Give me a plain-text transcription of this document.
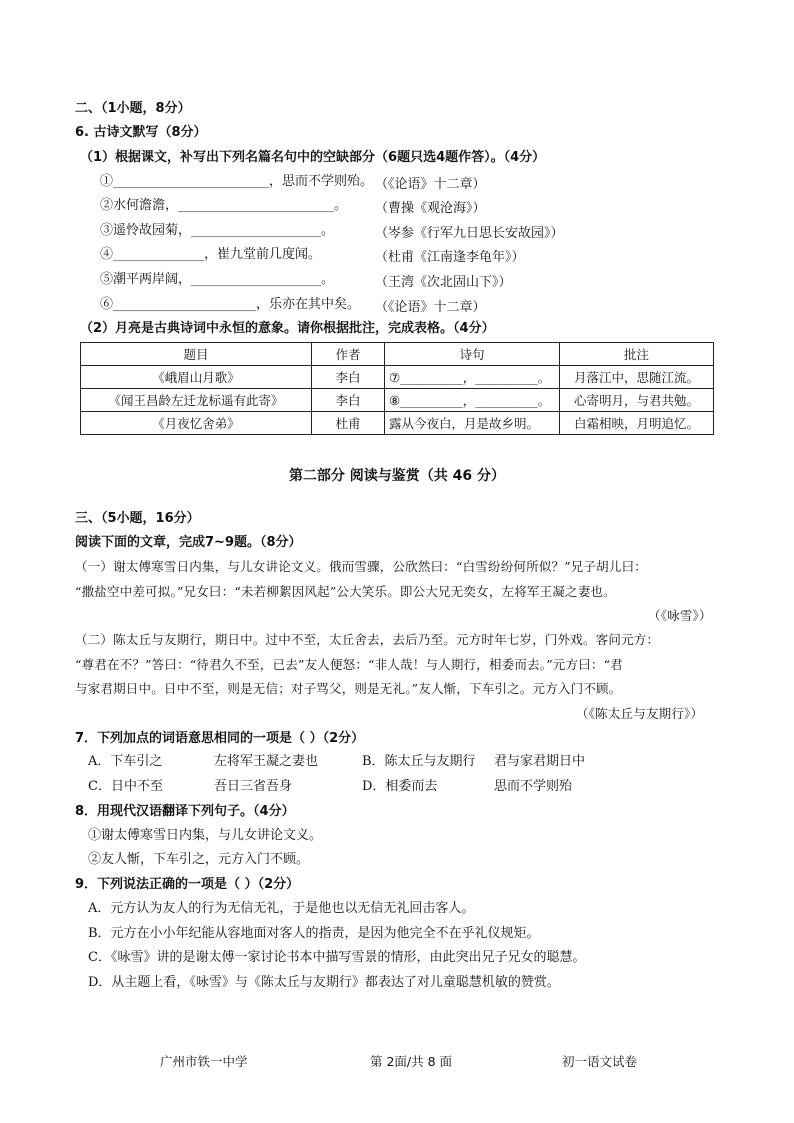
二、（1小题，8分）
6. 古诗文默写（8分）
（1）根据课文，补写出下列名篇名句中的空缺部分（6题只选4题作答）。（4分）
①________________________，思而不学则殆。 （《论语》十二章）
②水何澹澹，________________________。 （曹操《观沧海》）
③遥怜故园菊，____________________。	（岑参《行军九日思长安故园》）
④______________，崔九堂前几度闻。	（杜甫《江南逢李龟年》）
⑤潮平两岸阔，____________________。	（王湾《次北固山下》）
⑥______________________，乐亦在其中矣。 （《论语》十二章）
（2）月亮是古典诗词中永恒的意象。请你根据批注，完成表格。（4分）
题目	作者	诗句	批注
《峨眉山月歌》	李白	⑦__________，__________。	月落江中，思随江流。
《闻王昌龄左迁龙标遥有此寄》	李白	⑧__________，__________。	心寄明月，与君共勉。
《月夜忆舍弟》	杜甫	露从今夜白，月是故乡明。	白霜相映，月明追忆。
第二部分 阅读与鉴赏（共 46 分）
三、（5小题，16分）
阅读下面的文章，完成7~9题。（8分）
（一）谢太傅寒雪日内集，与儿女讲论文义。俄而雪骤，公欣然曰：“白雪纷纷何所似？”兄子胡儿曰：
“撒盐空中差可拟。”兄女曰：“未若柳絮因风起”公大笑乐。即公大兄无奕女，左将军王凝之妻也。
（《咏雪》）
（二）陈太丘与友期行，期日中。过中不至，太丘舍去，去后乃至。元方时年七岁，门外戏。客问元方：
“尊君在不？”答曰：“待君久不至，已去”友人便怒：“非人哉！与人期行，相委而去。”元方曰：“君
与家君期日中。日中不至，则是无信；对子骂父，则是无礼。”友人惭，下车引之。元方入门不顾。
（《陈太丘与友期行》）
7．下列加点的词语意思相同的一项是（ ）（2分）
A．下车引之	左将军王凝之妻也	B．陈太丘与友期行 君与家君期日中
C．日中不至	吾日三省吾身	D．相委而去	思而不学则殆
8．用现代汉语翻译下列句子。（4分）
①谢太傅寒雪日内集，与儿女讲论文义。
②友人惭，下车引之，元方入门不顾。
9．下列说法正确的一项是（ ）（2分）
A．元方认为友人的行为无信无礼，于是他也以无信无礼回击客人。
B．元方在小小年纪能从容地面对客人的指责，是因为他完全不在乎礼仪规矩。
C．《咏雪》讲的是谢太傅一家讨论书本中描写雪景的情形，由此突出兄子兄女的聪慧。
D．从主题上看，《咏雪》与《陈太丘与友期行》都表达了对儿童聪慧机敏的赞赏。
广州市铁一中学	第 2面/共 8 面	初一语文试卷
